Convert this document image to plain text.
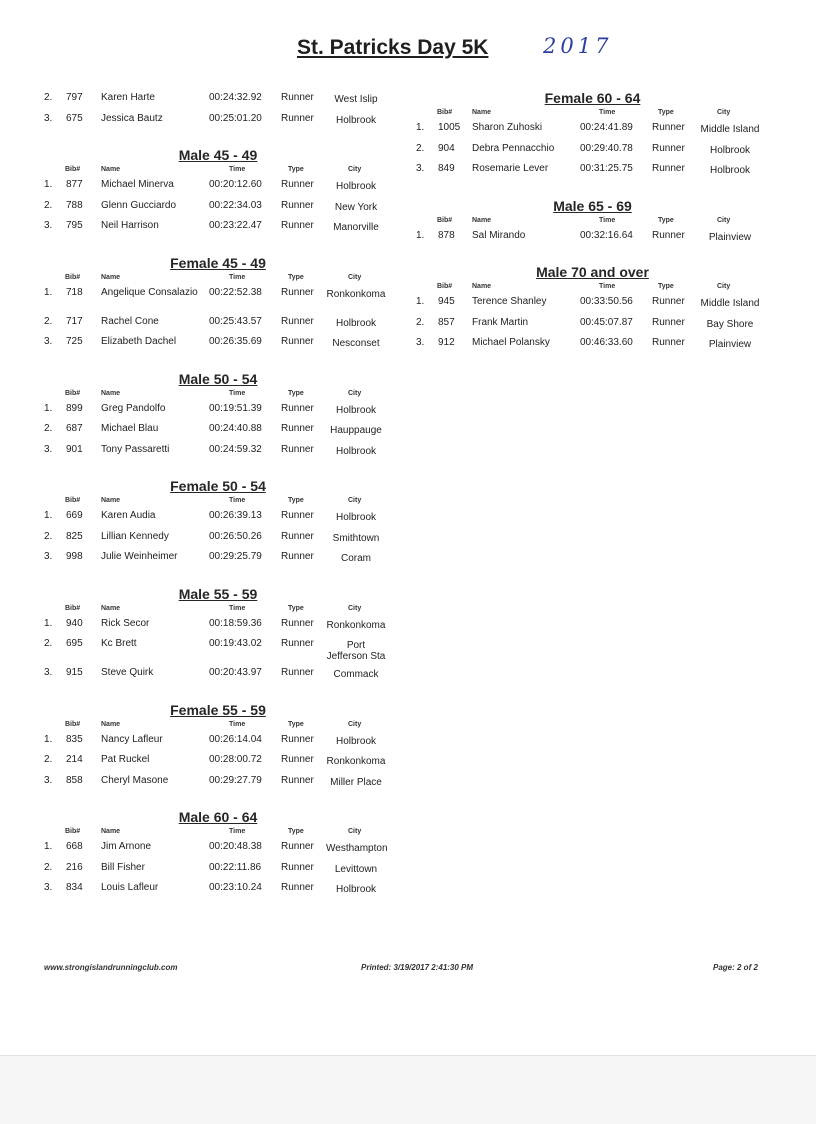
St. Patricks Day 5K	2017
2. 797 Karen Harte	00:24:32.92 Runner	West Islip
3. 675 Jessica Bautz	00:25:01.20 Runner	Holbrook
Male 45 - 49
Bib#	Name	Time	Type	City
1. 877 Michael Minerva	00:20:12.60 Runner	Holbrook
2. 788 Glenn Gucciardo	00:22:34.03 Runner	New York
3. 795 Neil Harrison	00:23:22.47 Runner	Manorville
Female 45 - 49
Bib#	Name	Time	Type	City
1. 718 Angelique Consalazio	00:22:52.38 Runner Ronkonkoma
2. 717 Rachel Cone	00:25:43.57 Runner	Holbrook
3. 725 Elizabeth Dachel	00:26:35.69 Runner	Nesconset
Male 50 - 54
Bib#	Name	Time	Type	City
1. 899 Greg Pandolfo	00:19:51.39 Runner	Holbrook
2. 687 Michael Blau	00:24:40.88 Runner	Hauppauge
3. 901 Tony Passaretti	00:24:59.32 Runner	Holbrook
Female 50 - 54
Bib#	Name	Time	Type	City
1. 669 Karen Audia	00:26:39.13 Runner	Holbrook
2. 825 Lillian Kennedy	00:26:50.26 Runner	Smithtown
3. 998 Julie Weinheimer	00:29:25.79 Runner	Coram
Male 55 - 59
Bib#	Name	Time	Type	City
1. 940 Rick Secor	00:18:59.36 Runner Ronkonkoma
2. 695 Kc Brett	00:19:43.02 Runner	Port Jefferson Sta
3. 915 Steve Quirk	00:20:43.97 Runner	Commack
Female 55 - 59
Bib#	Name	Time	Type	City
1. 835 Nancy Lafleur	00:26:14.04 Runner	Holbrook
2. 214 Pat Ruckel	00:28:00.72 Runner Ronkonkoma
3. 858 Cheryl Masone	00:29:27.79 Runner	Miller Place
Male 60 - 64
Bib#	Name	Time	Type	City
1. 668 Jim Arnone	00:20:48.38 Runner Westhampton
2. 216 Bill Fisher	00:22:11.86 Runner	Levittown
3. 834 Louis Lafleur	00:23:10.24 Runner	Holbrook
Female 60 - 64
Bib#	Name	Time	Type	City
1. 1005 Sharon Zuhoski	00:24:41.89 Runner	Middle Island
2. 904 Debra Pennacchio	00:29:40.78 Runner	Holbrook
3. 849 Rosemarie Lever	00:31:25.75 Runner	Holbrook
Male 65 - 69
Bib#	Name	Time	Type	City
1. 878 Sal Mirando	00:32:16.64 Runner	Plainview
Male 70 and over
Bib#	Name	Time	Type	City
1. 945 Terence Shanley	00:33:50.56 Runner	Middle Island
2. 857 Frank Martin	00:45:07.87 Runner	Bay Shore
3. 912 Michael Polansky	00:46:33.60 Runner	Plainview
www.strongislandrunningclub.com	Printed: 3/19/2017 2:41:30 PM	Page: 2 of 2
